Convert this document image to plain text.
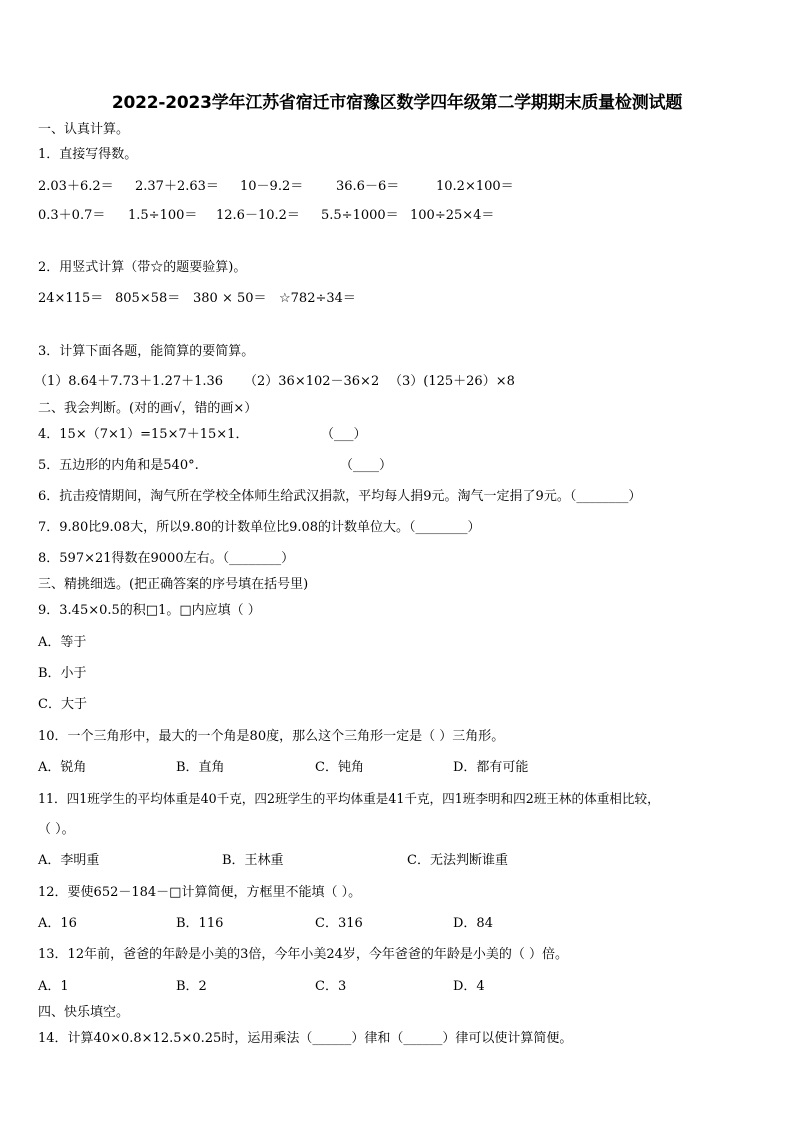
2022-2023学年江苏省宿迁市宿豫区数学四年级第二学期期末质量检测试题
一、认真计算。
1．直接写得数。
2.03＋6.2＝ 2.37＋2.63＝ 10－9.2＝	36.6－6＝	10.2×100＝
0.3＋0.7＝ 1.5÷100＝ 12.6－10.2＝ 5.5÷1000＝ 100÷25×4＝
2．用竖式计算（带☆的题要验算)。
24×115＝ 805×58＝ 380 × 50＝ ☆782÷34＝
3．计算下面各题，能简算的要简算。
（1）8.64＋7.73＋1.27＋1.36 （2）36×102－36×2 （3）(125＋26）×8
二、我会判断。(对的画√，错的画×）
4．15×（7×1）=15×7＋15×1．	（___）
5．五边形的内角和是540°.	（____）
6．抗击疫情期间，淘气所在学校全体师生给武汉捐款，平均每人捐9元。淘气一定捐了9元。（________）
7．9.80比9.08大，所以9.80的计数单位比9.08的计数单位大。（________）
8．597×21得数在9000左右。（________）
三、精挑细选。(把正确答案的序号填在括号里)
9．3.45×0.5的积□1。□内应填（ ）
A．等于
B．小于
C．大于
10．一个三角形中，最大的一个角是80度，那么这个三角形一定是（ ）三角形。
A．锐角	B．直角	C．钝角	D．都有可能
11．四1班学生的平均体重是40千克，四2班学生的平均体重是41千克，四1班李明和四2班王林的体重相比较，
（ ）。
A．李明重	B．王林重	C．无法判断谁重
12．要使652－184－□计算简便，方框里不能填（ ）。
A．16	B．116	C．316	D．84
13．12年前，爸爸的年龄是小美的3倍，今年小美24岁，今年爸爸的年龄是小美的（ ）倍。
A．1	B．2	C．3	D．4
四、快乐填空。
14．计算40×0.8×12.5×0.25时，运用乘法（______）律和（______）律可以使计算简便。
